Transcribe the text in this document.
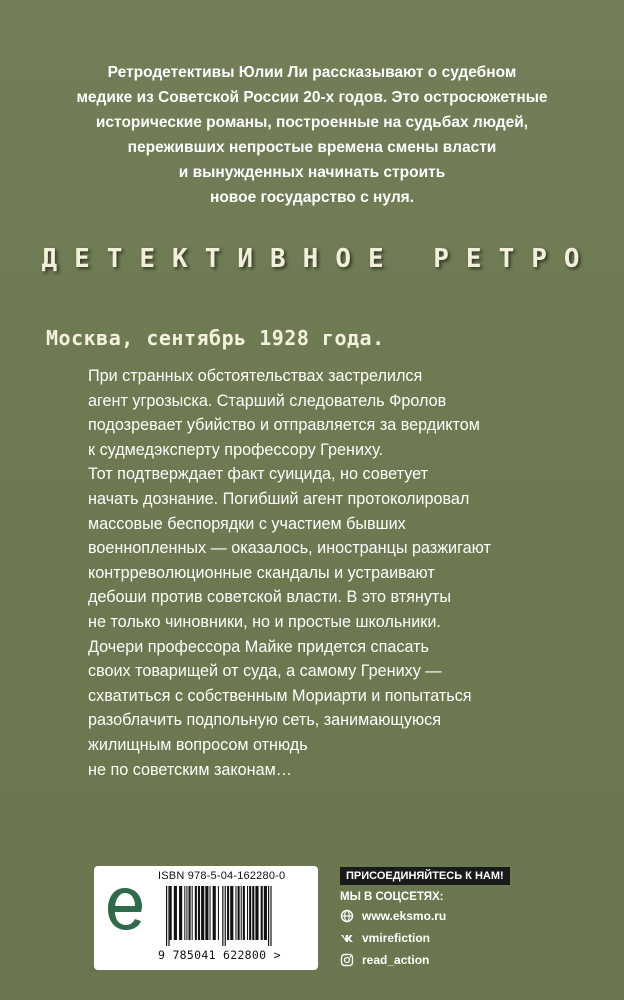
Ретродетективы Юлии Ли рассказывают о судебном
медике из Советской России 20-х годов. Это остросюжетные
исторические романы, построенные на судьбах людей,
переживших непростые времена смены власти
и вынужденных начинать строить
новое государство с нуля.
ДЕТЕКТИВНОЕ РЕТРО
Москва, сентябрь 1928 года.
При странных обстоятельствах застрелился
агент угрозыска. Старший следователь Фролов
подозревает убийство и отправляется за вердиктом
к судмедэксперту профессору Грениху.
Тот подтверждает факт суицида, но советует
начать дознание. Погибший агент протоколировал
массовые беспорядки с участием бывших
военнопленных — оказалось, иностранцы разжигают
контрреволюционные скандалы и устраивают
дебоши против советской власти. В это втянуты
не только чиновники, но и простые школьники.
Дочери профессора Майке придется спасать
своих товарищей от суда, а самому Грениху —
схватиться с собственным Мориарти и попытаться
разоблачить подпольную сеть, занимающуюся
жилищным вопросом отнюдь
не по советским законам…
ISBN 978-5-04-162280-0
9 785041 622800 >
ПРИСОЕДИНЯЙТЕСЬ К НАМ!
МЫ В СОЦСЕТЯХ:
www.eksmo.ru
vmirefiction
read_action
